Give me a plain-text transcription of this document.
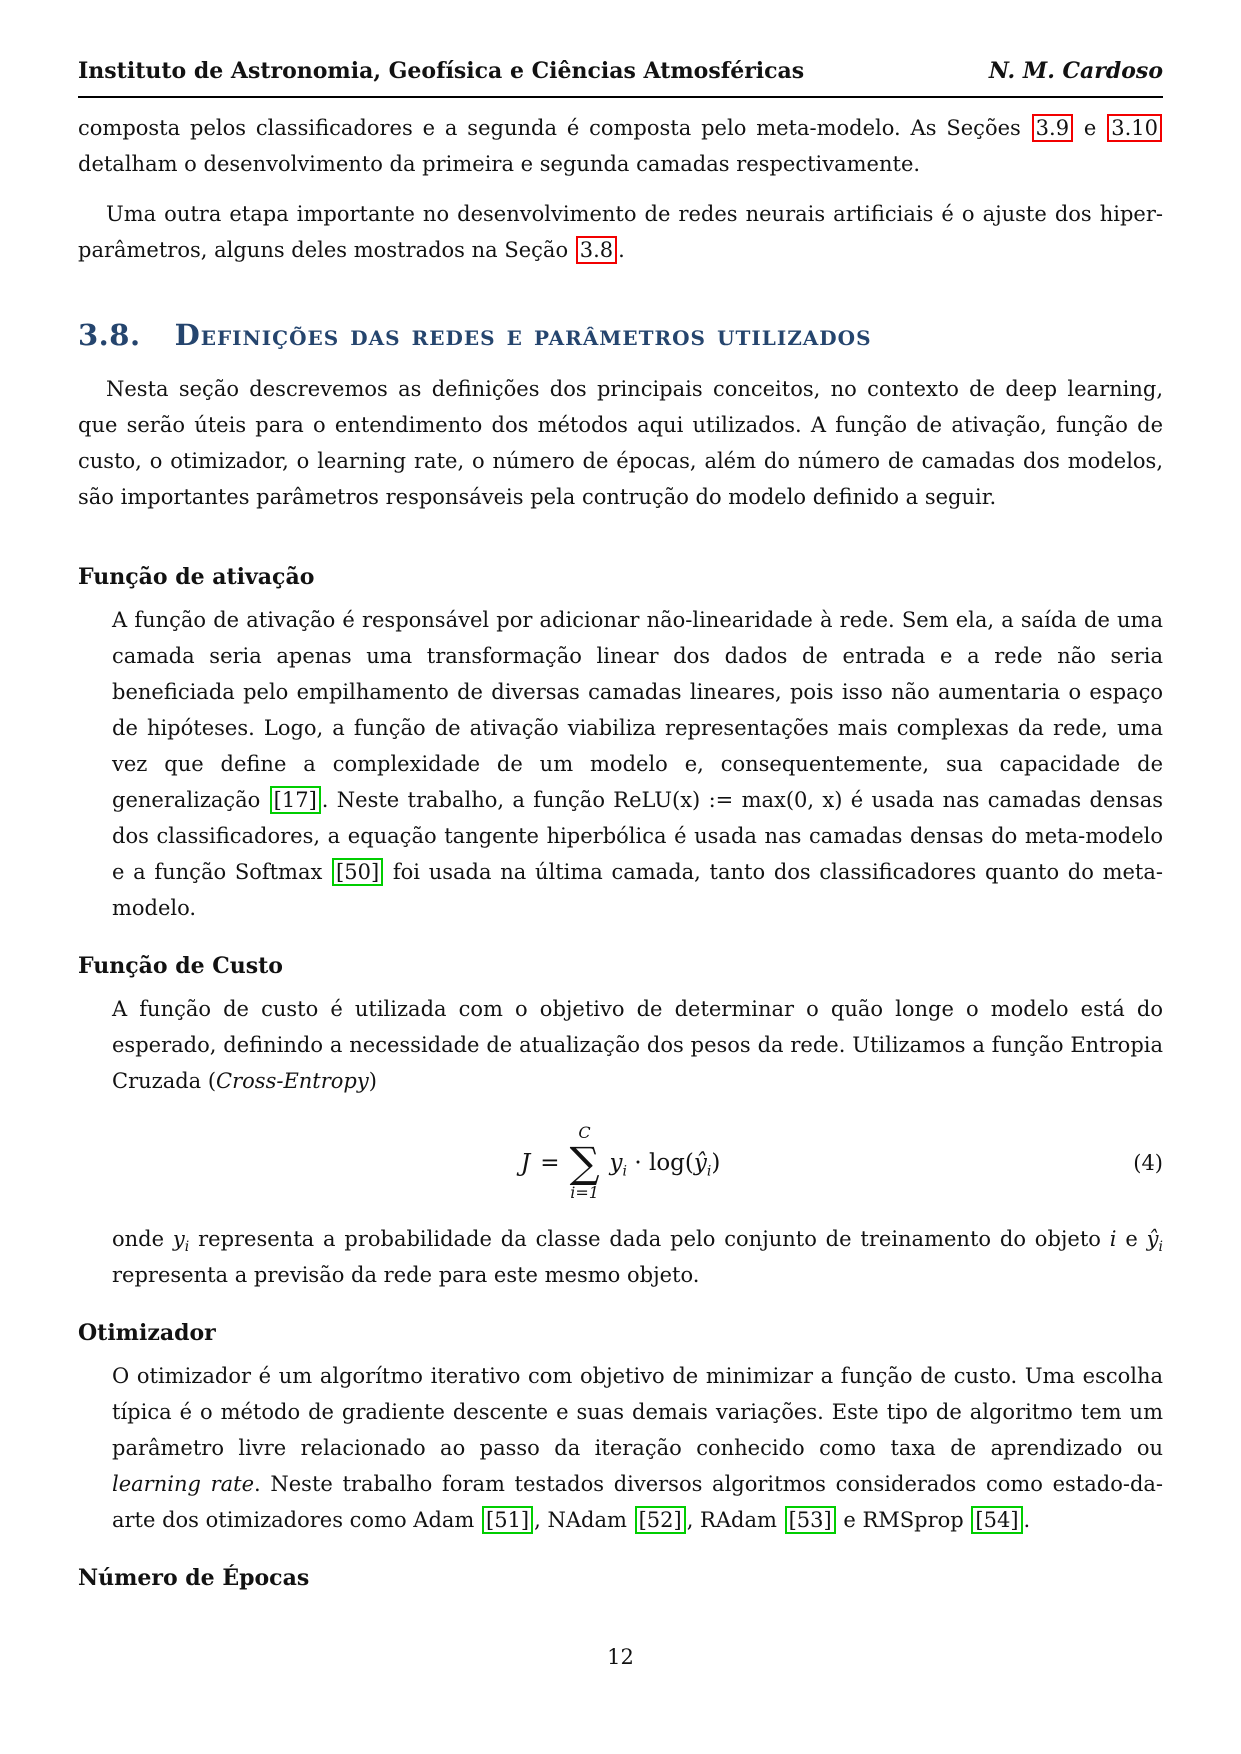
Instituto de Astronomia, Geofísica e Ciências Atmosféricas	N. M. Cardoso

composta pelos classificadores e a segunda é composta pelo meta-modelo. As Seções 3.9 e 3.10 detalham o desenvolvimento da primeira e segunda camadas respectivamente.

Uma outra etapa importante no desenvolvimento de redes neurais artificiais é o ajuste dos hiper-parâmetros, alguns deles mostrados na Seção 3.8 .

3.8. Definições das redes e parâmetros utilizados

Nesta seção descrevemos as definições dos principais conceitos, no contexto de deep learning, que serão úteis para o entendimento dos métodos aqui utilizados. A função de ativação, função de custo, o otimizador, o learning rate, o número de épocas, além do número de camadas dos modelos, são importantes parâmetros responsáveis pela contrução do modelo definido a seguir.

Função de ativação

A função de ativação é responsável por adicionar não-linearidade à rede. Sem ela, a saída de uma camada seria apenas uma transformação linear dos dados de entrada e a rede não seria beneficiada pelo empilhamento de diversas camadas lineares, pois isso não aumentaria o espaço de hipóteses. Logo, a função de ativação viabiliza representações mais complexas da rede, uma vez que define a complexidade de um modelo e, consequentemente, sua capacidade de generalização [17] . Neste trabalho, a função ReLU(x) := max(0, x) é usada nas camadas densas dos classificadores, a equação tangente hiperbólica é usada nas camadas densas do meta-modelo e a função Softmax [50] foi usada na última camada, tanto dos classificadores quanto do meta-modelo.

Função de Custo

A função de custo é utilizada com o objetivo de determinar o quão longe o modelo está do esperado, definindo a necessidade de atualização dos pesos da rede. Utilizamos a função Entropia Cruzada (Cross-Entropy)

J =
C
∑
i=1
$y_i$ · $\log(ŷ_i)$	(4)

onde $y_i$ representa a probabilidade da classe dada pelo conjunto de treinamento do objeto i e $ŷ_i$ representa a previsão da rede para este mesmo objeto.

Otimizador

O otimizador é um algorítmo iterativo com objetivo de minimizar a função de custo. Uma escolha típica é o método de gradiente descente e suas demais variações. Este tipo de algoritmo tem um parâmetro livre relacionado ao passo da iteração conhecido como taxa de aprendizado ou learning rate. Neste trabalho foram testados diversos algoritmos considerados como estado-da-arte dos otimizadores como Adam [51] , NAdam [52] , RAdam [53] e RMSprop [54] .

Número de Épocas
12
